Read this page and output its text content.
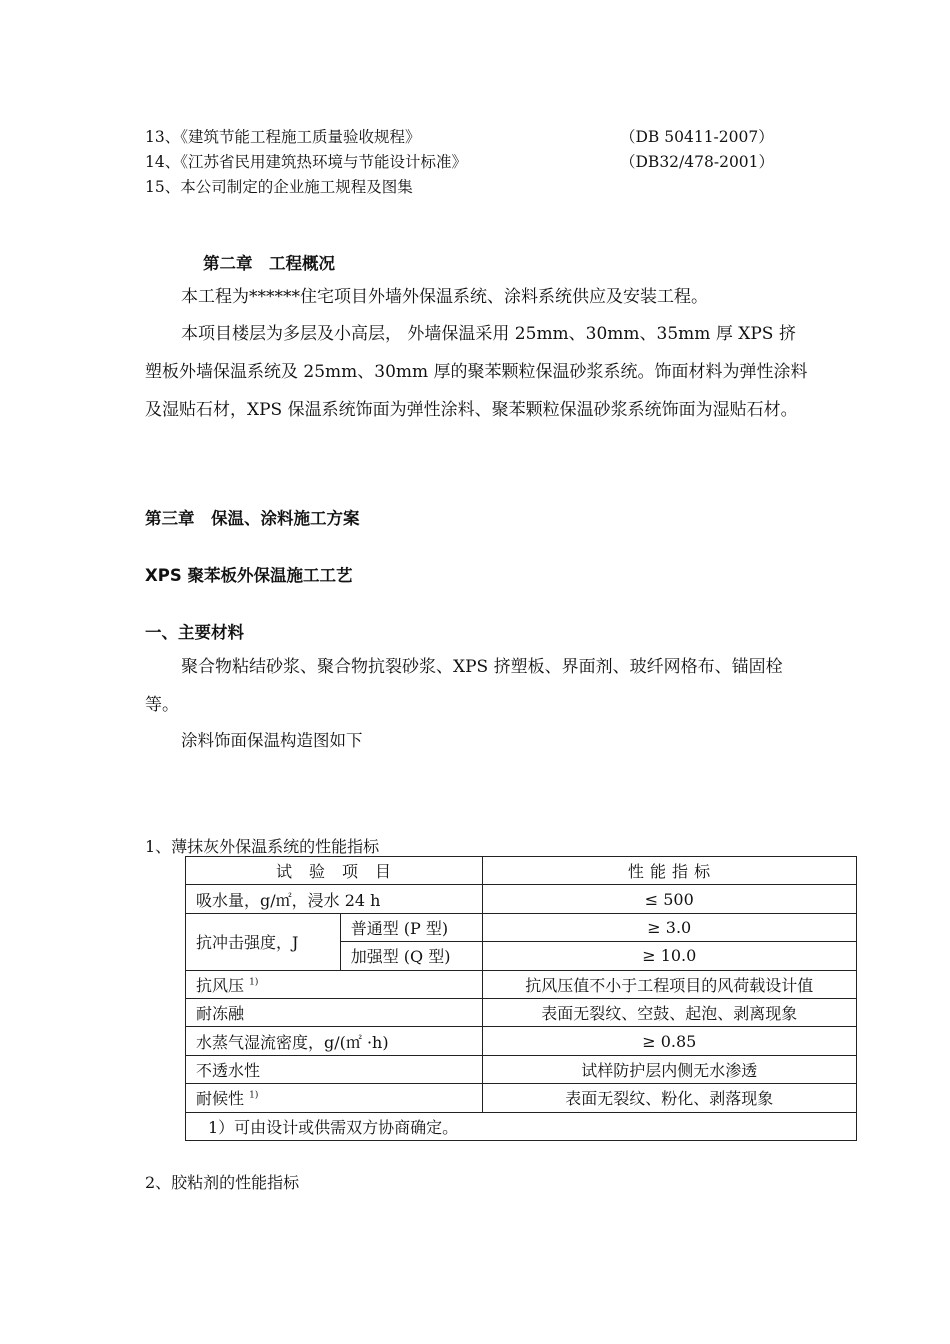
13、《建筑节能工程施工质量验收规程》	（DB 50411-2007）
14、《江苏省民用建筑热环境与节能设计标准》	（DB32/478-2001）
15、本公司制定的企业施工规程及图集
第二章　工程概况
本工程为******住宅项目外墙外保温系统、涂料系统供应及安装工程。
本项目楼层为多层及小高层， 外墙保温采用 25mm、30mm、35mm 厚 XPS 挤塑板外墙保温系统及 25mm、30mm 厚的聚苯颗粒保温砂浆系统。饰面材料为弹性涂料及湿贴石材，XPS 保温系统饰面为弹性涂料、聚苯颗粒保温砂浆系统饰面为湿贴石材。
第三章　保温、涂料施工方案
XPS 聚苯板外保温施工工艺
一、主要材料
聚合物粘结砂浆、聚合物抗裂砂浆、XPS 挤塑板、界面剂、玻纤网格布、锚固栓等。
涂料饰面保温构造图如下
1、薄抹灰外保温系统的性能指标
试　验　项　目		性 能 指 标
吸水量，g/㎡，浸水 24 h		≤ 500
抗冲击强度，J	普通型 (P 型)	≥ 3.0
	加强型 (Q 型)	≥ 10.0
抗风压 $^{1)}$		抗风压值不小于工程项目的风荷载设计值
耐冻融		表面无裂纹、空鼓、起泡、剥离现象
水蒸气湿流密度，g/(㎡ ·h)		≥ 0.85
不透水性		试样防护层内侧无水渗透
耐候性 $^{1)}$		表面无裂纹、粉化、剥落现象
1）可由设计或供需双方协商确定。		
2、胶粘剂的性能指标
